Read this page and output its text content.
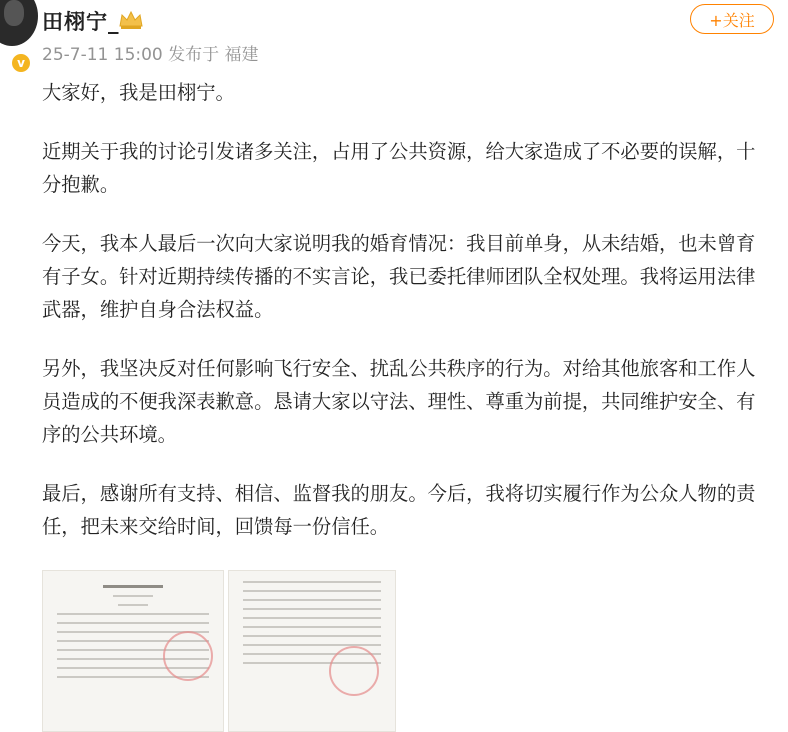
v
田栩宁_
25-7-11 15:00 发布于 福建
+关注

大家好，我是田栩宁。

近期关于我的讨论引发诸多关注，占用了公共资源，给大家造成了不必要的误解，十分抱歉。

今天，我本人最后一次向大家说明我的婚育情况：我目前单身，从未结婚，也未曾育有子女。针对近期持续传播的不实言论，我已委托律师团队全权处理。我将运用法律武器，维护自身合法权益。

另外，我坚决反对任何影响飞行安全、扰乱公共秩序的行为。对给其他旅客和工作人员造成的不便我深表歉意。恳请大家以守法、理性、尊重为前提，共同维护安全、有序的公共环境。

最后，感谢所有支持、相信、监督我的朋友。今后，我将切实履行作为公众人物的责任，把未来交给时间，回馈每一份信任。
